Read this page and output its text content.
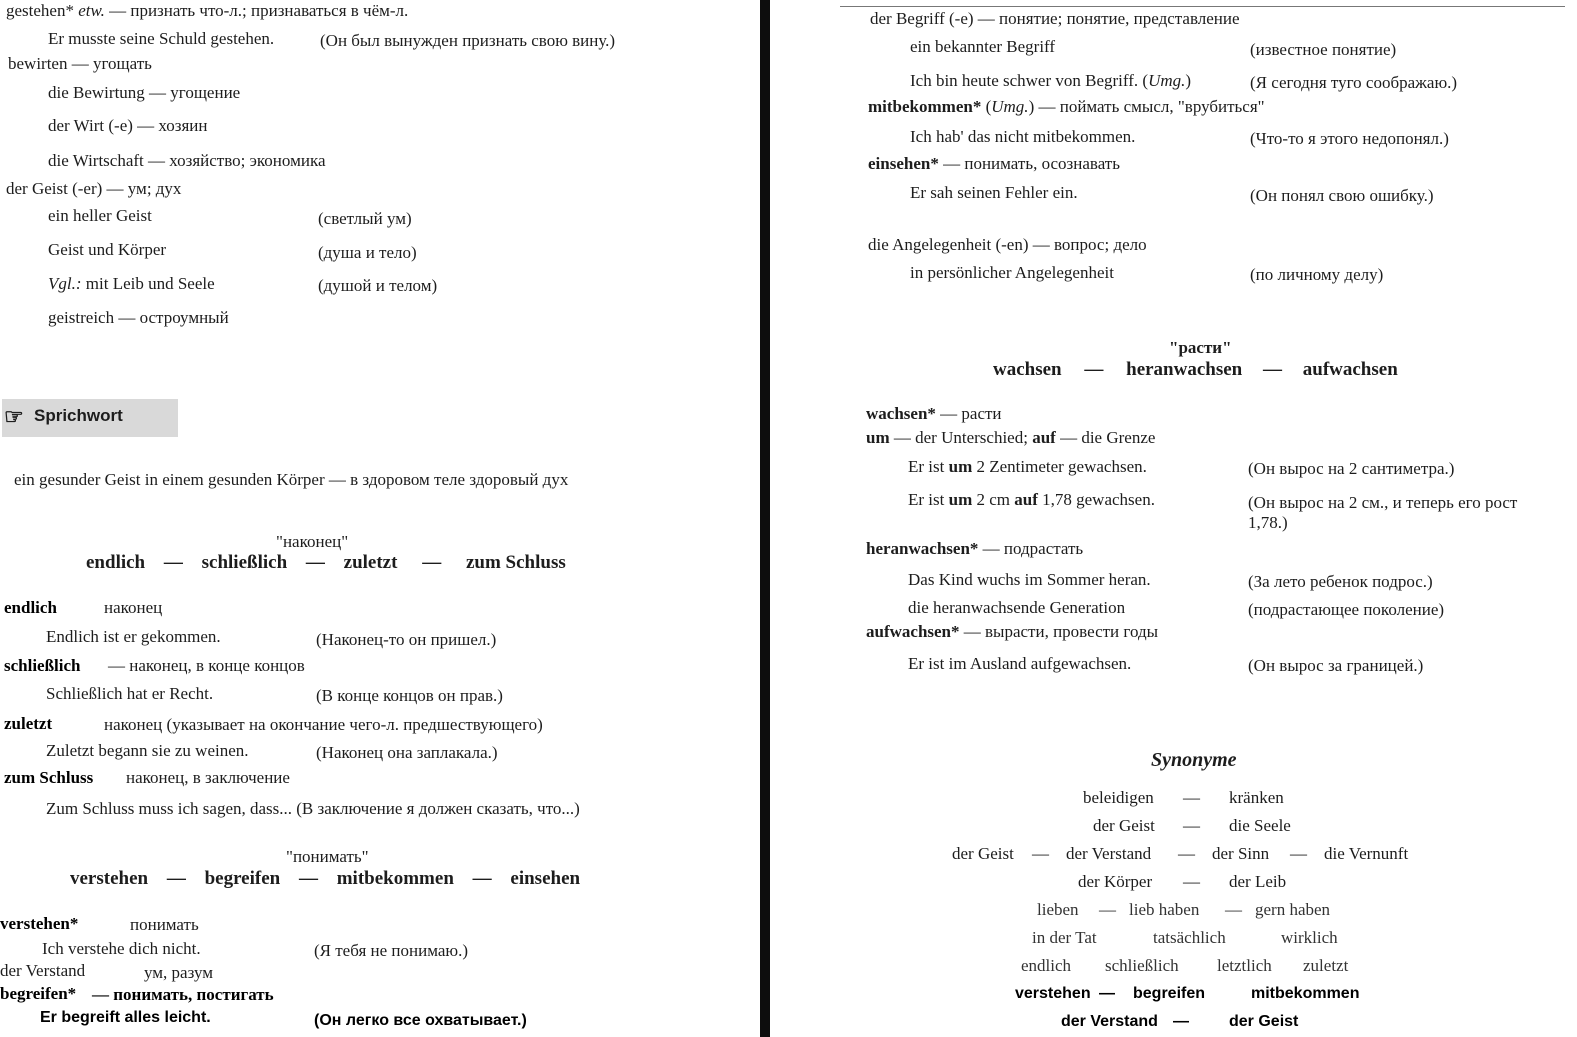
gestehen* etw. — признать что-л.; признаваться в чём-л.
Er musste seine Schuld gestehen.	(Он был вынужден признать свою вину.)
bewirten — угощать
die Bewirtung — угощение
der Wirt (-e) — хозяин
die Wirtschaft — хозяйство; экономика
der Geist (-er) — ум; дух
ein heller Geist	(светлый ум)
Geist und Körper	(душа и тело)
Vgl.: mit Leib und Seele	(душой и телом)
geistreich — остроумный
☞ Sprichwort
ein gesunder Geist in einem gesunden Körper — в здоровом теле здоровый дух
"наконец"
endlich — schließlich — zuletzt — zum Schluss
endlich	наконец
Endlich ist er gekommen.	(Наконец-то он пришел.)
schließlich — наконец, в конце концов
Schließlich hat er Recht.	(В конце концов он прав.)
zuletzt	наконец (указывает на окончание чего-л. предшествующего)
Zuletzt begann sie zu weinen.	(Наконец она заплакала.)
zum Schluss наконец, в заключение
Zum Schluss muss ich sagen, dass... (В заключение я должен сказать, что...)
"понимать"
verstehen — begreifen — mitbekommen — einsehen
verstehen*	понимать
Ich verstehe dich nicht.	(Я тебя не понимаю.)
der Verstand	ум, разум
begreifen* — понимать, постигать
Er begreift alles leicht.	(Он легко все охватывает.)
der Begriff (-e) — понятие; понятие, представление
ein bekannter Begriff	(известное понятие)
Ich bin heute schwer von Begriff. (Umg.)	(Я сегодня туго соображаю.)
mitbekommen* (Umg.) — поймать смысл, "врубиться"
Ich hab' das nicht mitbekommen.	(Что-то я этого недопонял.)
einsehen* — понимать, осознавать
Er sah seinen Fehler ein.	(Он понял свою ошибку.)
die Angelegenheit (-en) — вопрос; дело
in persönlicher Angelegenheit	(по личному делу)
"расти"
wachsen — heranwachsen — aufwachsen
wachsen* — расти
um — der Unterschied; auf — die Grenze
Er ist um 2 Zentimeter gewachsen.	(Он вырос на 2 сантиметра.)
Er ist um 2 cm auf 1,78 gewachsen.	(Он вырос на 2 см., и теперь его рост
1,78.)
heranwachsen* — подрастать
Das Kind wuchs im Sommer heran.	(За лето ребенок подрос.)
die heranwachsende Generation	(подрастающее поколение)
aufwachsen* — вырасти, провести годы
Er ist im Ausland aufgewachsen.	(Он вырос за границей.)
Synonyme
beleidigen — kränken
der Geist — die Seele
der Geist — der Verstand — der Sinn — die Vernunft
der Körper — der Leib
lieben — lieb haben — gern haben
in der Tat	tatsächlich	wirklich
endlich schließlich letztlich zuletzt
verstehen — begreifen	mitbekommen
der Verstand —	der Geist
